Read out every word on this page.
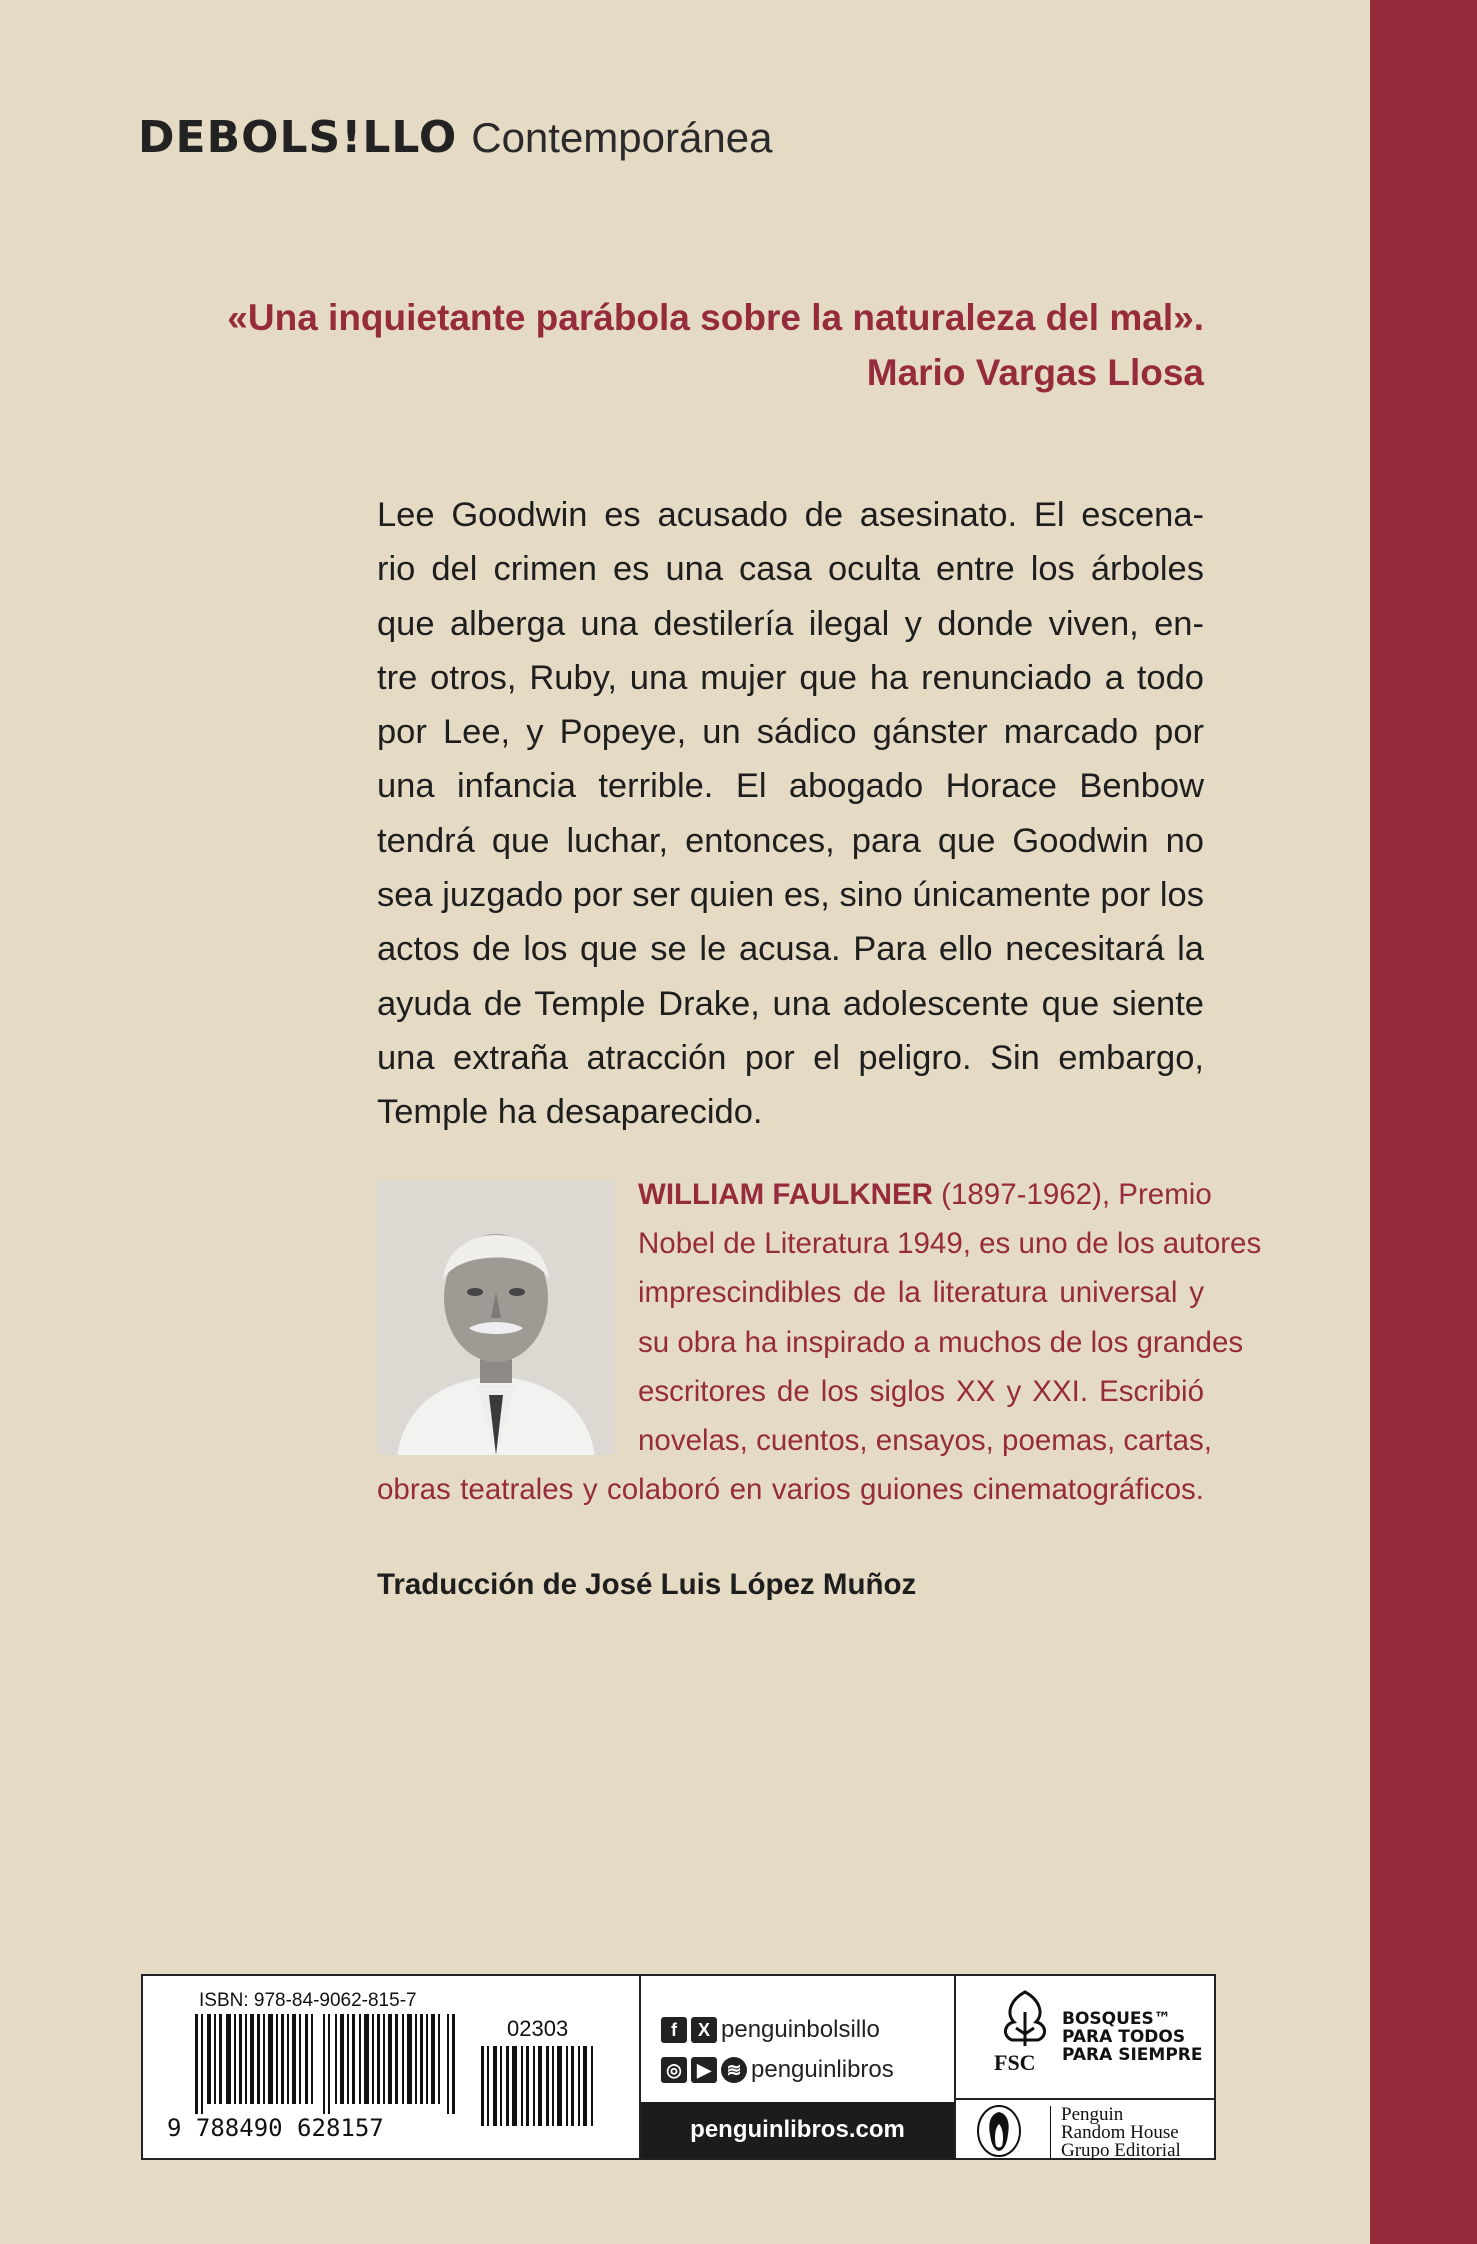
DEBOLS!LLO Contemporánea
«Una inquietante parábola sobre la naturaleza del mal».
Mario Vargas Llosa
Lee Goodwin es acusado de asesinato. El escena-
rio del crimen es una casa oculta entre los árboles
que alberga una destilería ilegal y donde viven, en-
tre otros, Ruby, una mujer que ha renunciado a todo
por Lee, y Popeye, un sádico gánster marcado por
una infancia terrible. El abogado Horace Benbow
tendrá que luchar, entonces, para que Goodwin no
sea juzgado por ser quien es, sino únicamente por los
actos de los que se le acusa. Para ello necesitará la
ayuda de Temple Drake, una adolescente que siente
una extraña atracción por el peligro. Sin embargo,
Temple ha desaparecido.
WILLIAM FAULKNER (1897-1962), Premio
Nobel de Literatura 1949, es uno de los autores
imprescindibles de la literatura universal y
su obra ha inspirado a muchos de los grandes
escritores de los siglos XX y XXI. Escribió
novelas, cuentos, ensayos, poemas, cartas,
obras teatrales y colaboró en varios guiones cinematográficos.
Traducción de José Luis López Muñoz
ISBN: 978-84-9062-815-7
02303
9 788490 628157
f	X penguinbolsillo
◎ ▶ ≋ penguinlibros
penguinlibros.com
FSC
BOSQUES™
PARA TODOS
PARA SIEMPRE
Penguin
Random House
Grupo Editorial
